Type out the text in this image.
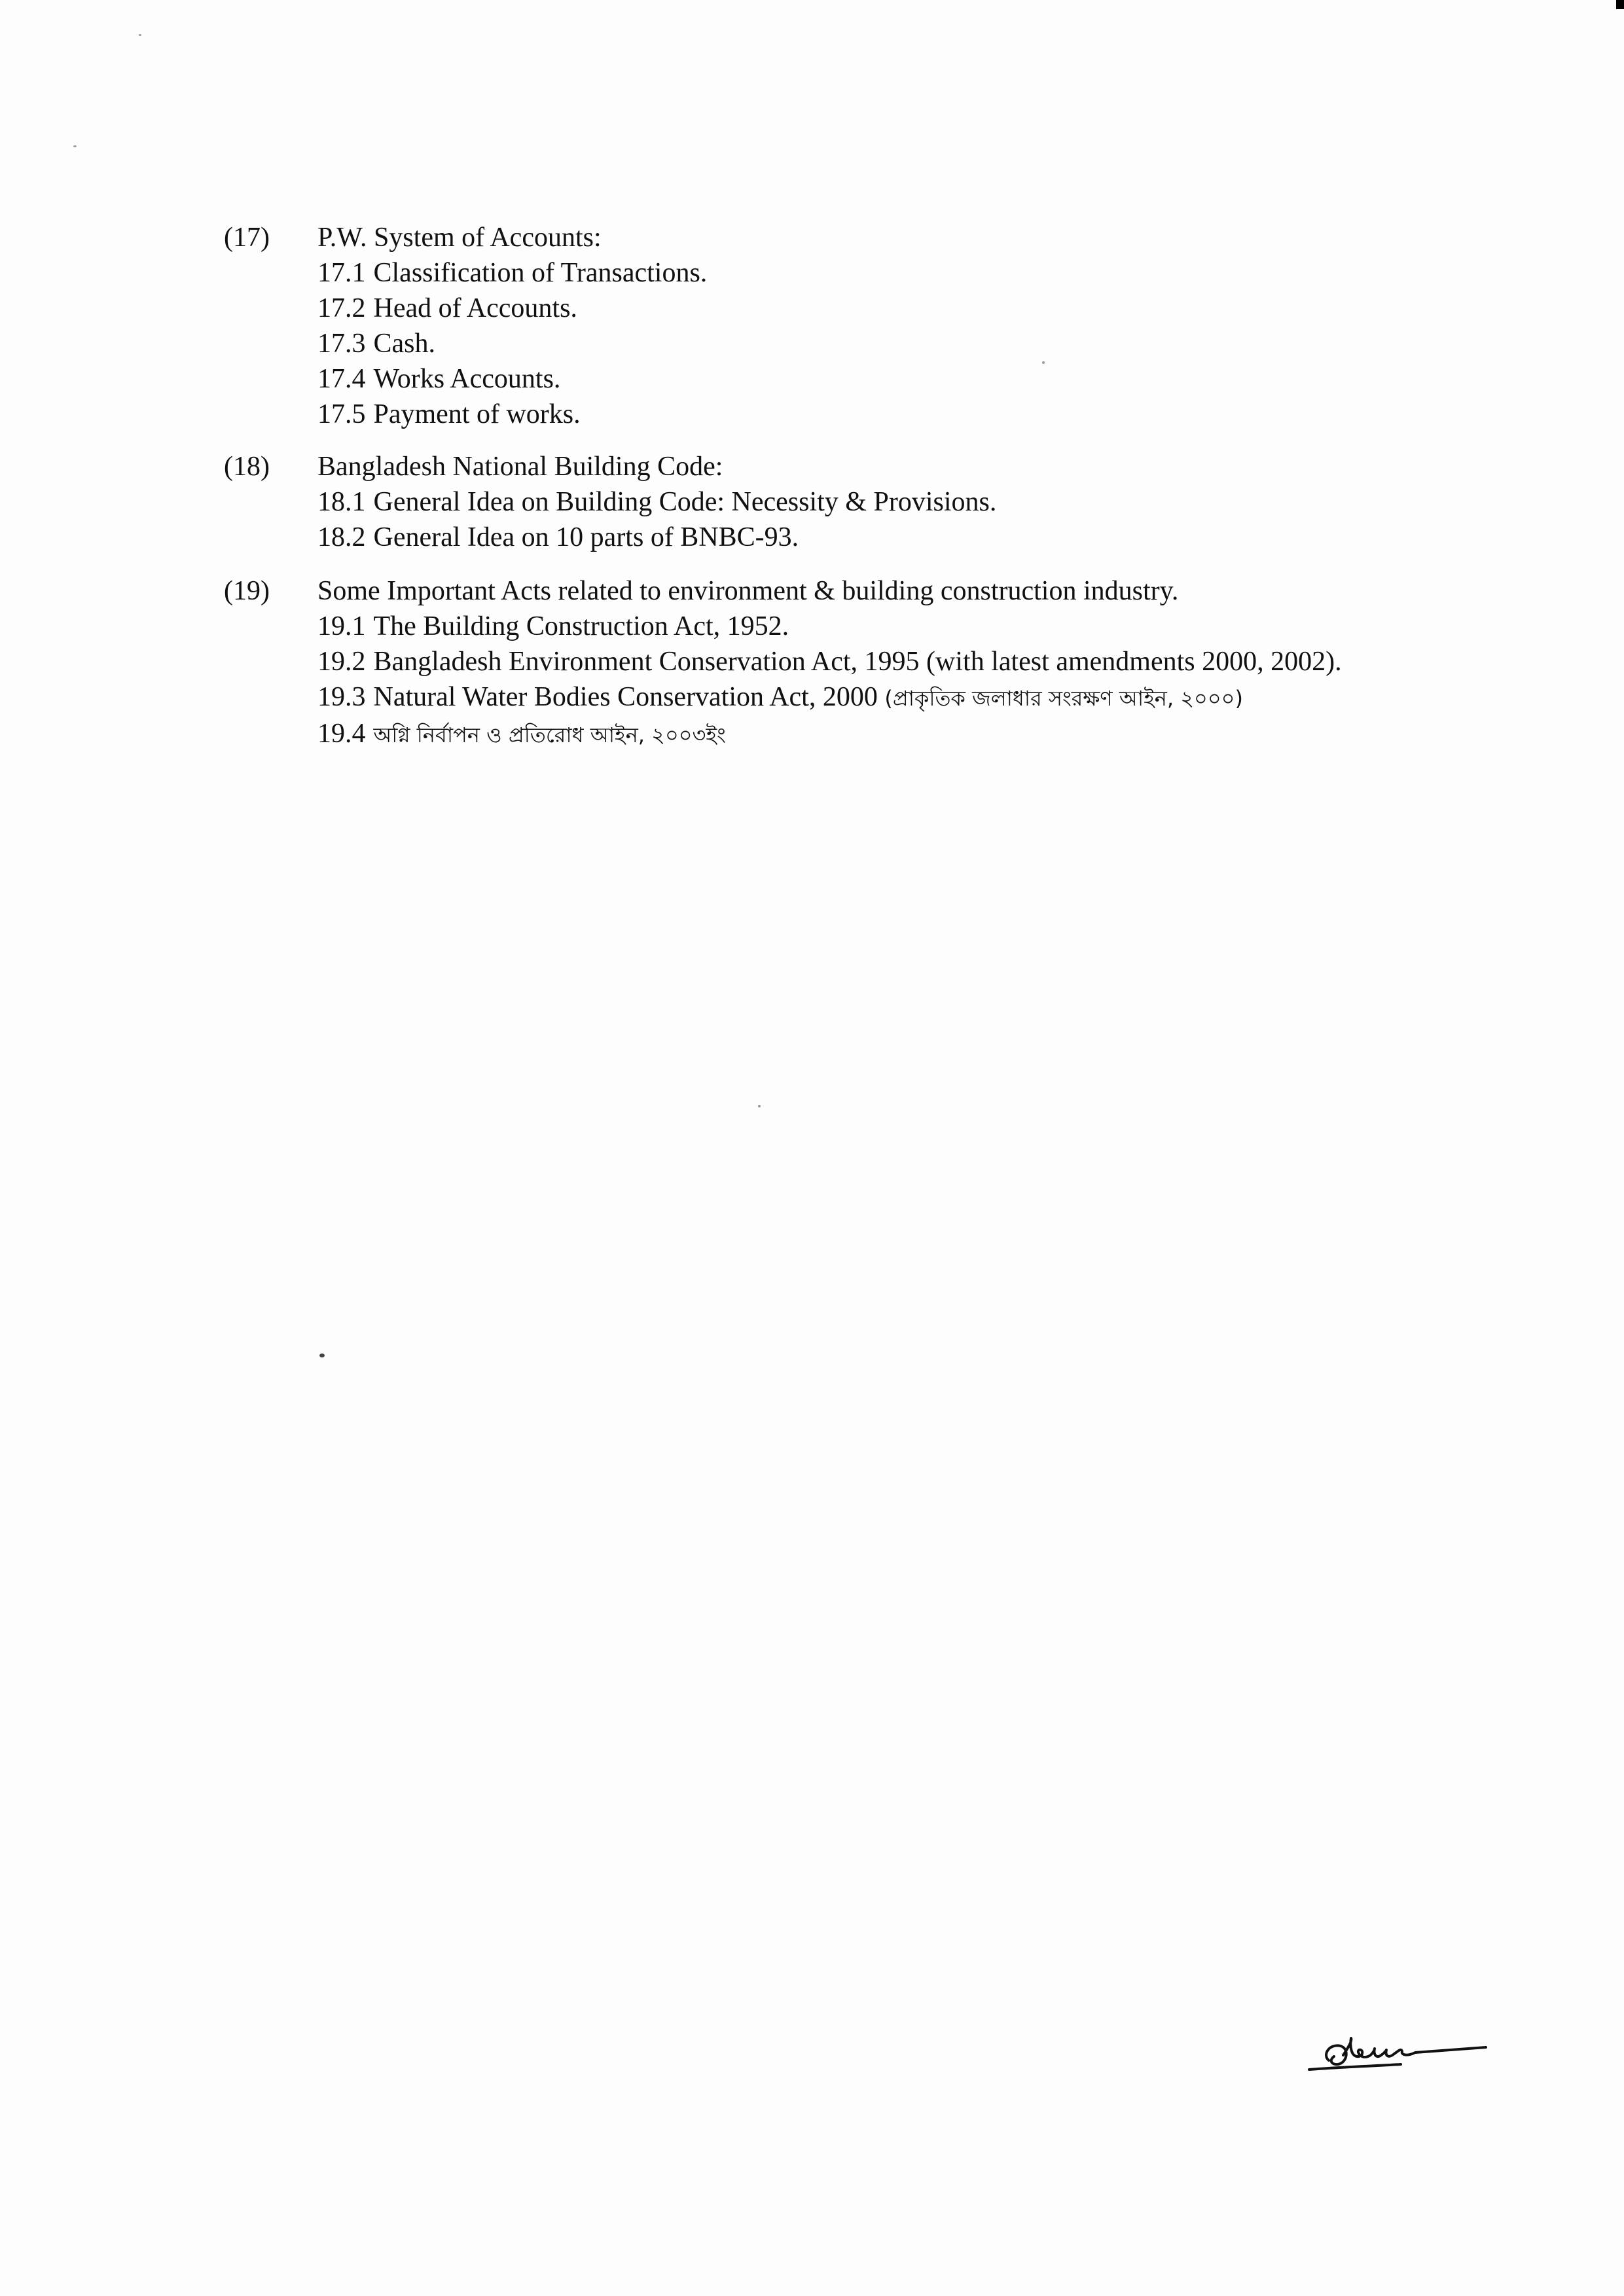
(17) P.W. System of Accounts:
17.1 Classification of Transactions.
17.2 Head of Accounts.
17.3 Cash.
17.4 Works Accounts.
17.5 Payment of works.
(18) Bangladesh National Building Code:
18.1 General Idea on Building Code: Necessity & Provisions.
18.2 General Idea on 10 parts of BNBC-93.
(19) Some Important Acts related to environment & building construction industry.
19.1 The Building Construction Act, 1952.
19.2 Bangladesh Environment Conservation Act, 1995 (with latest amendments 2000, 2002).
19.3 Natural Water Bodies Conservation Act, 2000 (প্রাকৃতিক জলাধার সংরক্ষণ আইন, ২০০০)
19.4 অগ্নি নির্বাপন ও প্রতিরোধ আইন, ২০০৩ইং
